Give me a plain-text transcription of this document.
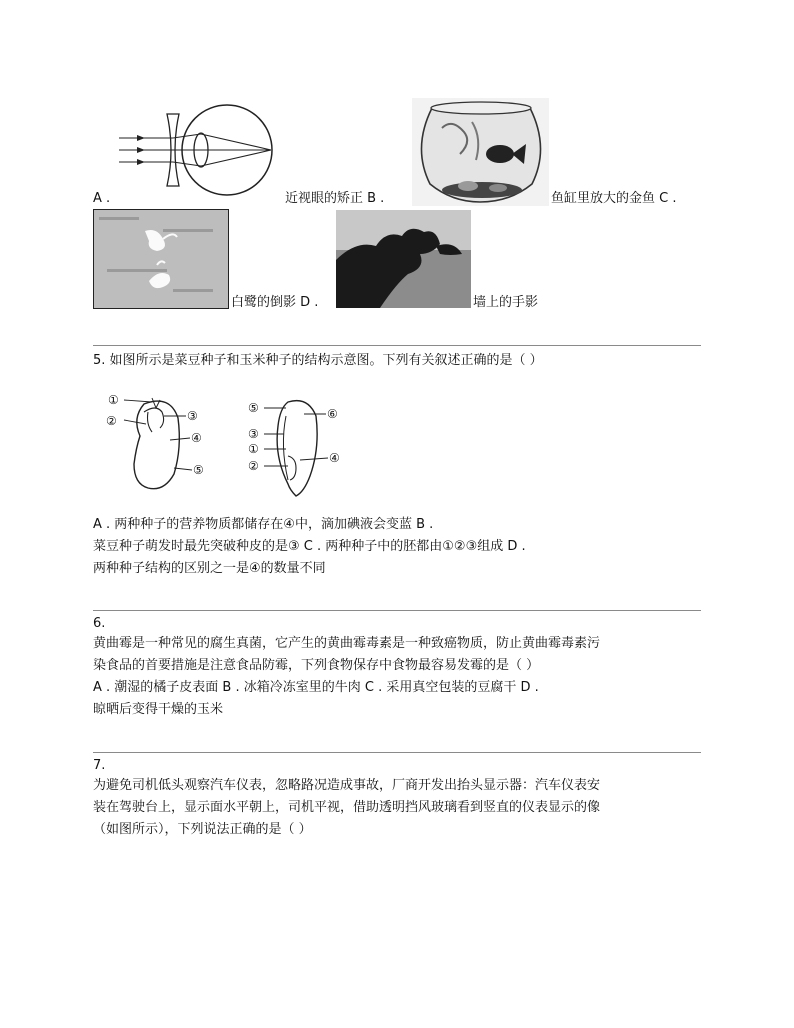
A .	近视眼的矫正 B .	鱼缸里放大的金鱼 C .
白鹭的倒影 D .	墙上的手影
5. 如图所示是菜豆种子和玉米种子的结构示意图。下列有关叙述正确的是（ ）
①
②	③
④
⑤
⑤
③
①
②
⑥
④
A . 两种种子的营养物质都储存在④中，滴加碘液会变蓝 B .
菜豆种子萌发时最先突破种皮的是③ C . 两种种子中的胚都由①②③组成 D .
两种种子结构的区别之一是④的数量不同
6.
黄曲霉是一种常见的腐生真菌，它产生的黄曲霉毒素是一种致癌物质，防止黄曲霉毒素污
染食品的首要措施是注意食品防霉，下列食物保存中食物最容易发霉的是（ ）
A . 潮湿的橘子皮表面 B . 冰箱冷冻室里的牛肉 C . 采用真空包装的豆腐干 D .
晾晒后变得干燥的玉米
7.
为避免司机低头观察汽车仪表，忽略路况造成事故，厂商开发出抬头显示器：汽车仪表安
装在驾驶台上，显示面水平朝上，司机平视，借助透明挡风玻璃看到竖直的仪表显示的像
（如图所示），下列说法正确的是（ ）
